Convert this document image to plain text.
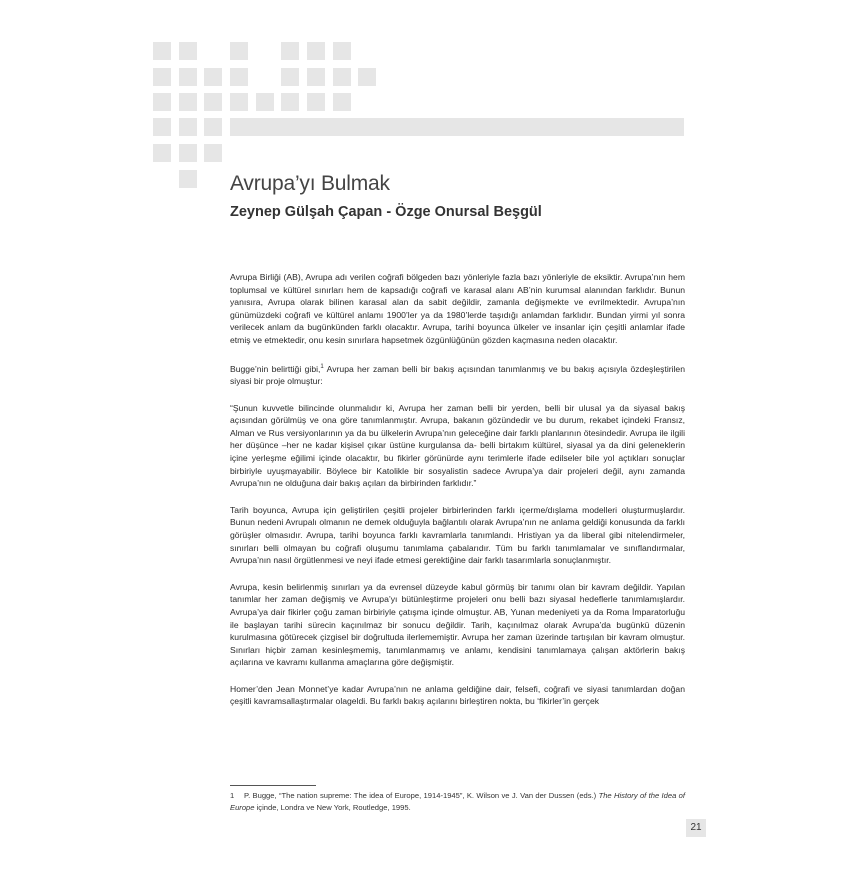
Avrupa’yı Bulmak
Zeynep Gülşah Çapan - Özge Onursal Beşgül

Avrupa Birliği (AB), Avrupa adı verilen coğrafi bölgeden bazı yönleriyle fazla bazı yönleriyle de eksiktir. Avrupa’nın hem toplumsal ve kültürel sınırları hem de kapsadığı coğrafi ve karasal alanı AB’nin kurumsal alanından farklıdır. Bunun yanısıra, Avrupa olarak bilinen karasal alan da sabit değildir, zamanla değişmekte ve evrilmektedir. Avrupa’nın günümüzdeki coğrafi ve kültürel anlamı 1900’ler ya da 1980’lerde taşıdığı anlamdan farklıdır. Bundan yirmi yıl sonra verilecek anlam da bugünkünden farklı olacaktır. Avrupa, tarihi boyunca ülkeler ve insanlar için çeşitli anlamlar ifade etmiş ve etmektedir, onu kesin sınırlara hapsetmek özgünlüğünün gözden kaçmasına neden olacaktır.

Bugge’nin belirttiği gibi,$^1$ Avrupa her zaman belli bir bakış açısından tanımlanmış ve bu bakış açısıyla özdeşleştirilen siyasi bir proje olmuştur:

“Şunun kuvvetle bilincinde olunmalıdır ki, Avrupa her zaman belli bir yerden, belli bir ulusal ya da siyasal bakış açısından görülmüş ve ona göre tanımlanmıştır. Avrupa, bakanın gözündedir ve bu durum, rekabet içindeki Fransız, Alman ve Rus versiyonlarının ya da bu ülkelerin Avrupa’nın geleceğine dair farklı planlarının ötesindedir. Avrupa ile ilgili her düşünce –her ne kadar kişisel çıkar üstüne kurgulansa da- belli birtakım kültürel, siyasal ya da dini geleneklerin içine yerleşme eğilimi içinde olacaktır, bu fikirler görünürde aynı terimlerle ifade edilseler bile yol açtıkları sonuçlar birbiriyle uyuşmayabilir. Böylece bir Katolikle bir sosyalistin sadece Avrupa’ya dair projeleri değil, aynı zamanda Avrupa’nın ne olduğuna dair bakış açıları da birbirinden farklıdır.”

Tarih boyunca, Avrupa için geliştirilen çeşitli projeler birbirlerinden farklı içerme/dışlama modelleri oluşturmuşlardır. Bunun nedeni Avrupalı olmanın ne demek olduğuyla bağlantılı olarak Avrupa’nın ne anlama geldiği konusunda da farklı görüşler olmasıdır. Avrupa, tarihi boyunca farklı kavramlarla tanımlandı. Hristiyan ya da liberal gibi nitelendirmeler, sınırları belli olmayan bu coğrafi oluşumu tanımlama çabalarıdır. Tüm bu farklı tanımlamalar ve sınıflandırmalar, Avrupa’nın nasıl örgütlenmesi ve neyi ifade etmesi gerektiğine dair farklı tasarımlarla sonuçlanmıştır.

Avrupa, kesin belirlenmiş sınırları ya da evrensel düzeyde kabul görmüş bir tanımı olan bir kavram değildir. Yapılan tanımlar her zaman değişmiş ve Avrupa’yı bütünleştirme projeleri onu belli bazı siyasal hedeflerle tanımlamışlardır. Avrupa’ya dair fikirler çoğu zaman birbiriyle çatışma içinde olmuştur. AB, Yunan medeniyeti ya da Roma İmparatorluğu ile başlayan tarihi sürecin kaçınılmaz bir sonucu değildir. Tarih, kaçınılmaz olarak Avrupa’da bugünkü düzenin kurulmasına götürecek çizgisel bir doğrultuda ilerlememiştir. Avrupa her zaman üzerinde tartışılan bir kavram olmuştur. Sınırları hiçbir zaman kesinleşmemiş, tanımlanmamış ve anlamı, kendisini tanımlamaya çalışan aktörlerin bakış açılarına ve kavramı kullanma amaçlarına göre değişmiştir.

Homer’den Jean Monnet’ye kadar Avrupa’nın ne anlama geldiğine dair, felsefi, coğrafi ve siyasi tanımlardan doğan çeşitli kavramsallaştırmalar olageldi. Bu farklı bakış açılarını birleştiren nokta, bu ‘fikirler’in gerçek

1 P. Bugge, “The nation supreme: The idea of Europe, 1914-1945”, K. Wilson ve J. Van der Dussen (eds.) The History of the Idea of Europe içinde, Londra ve New York, Routledge, 1995.
21
